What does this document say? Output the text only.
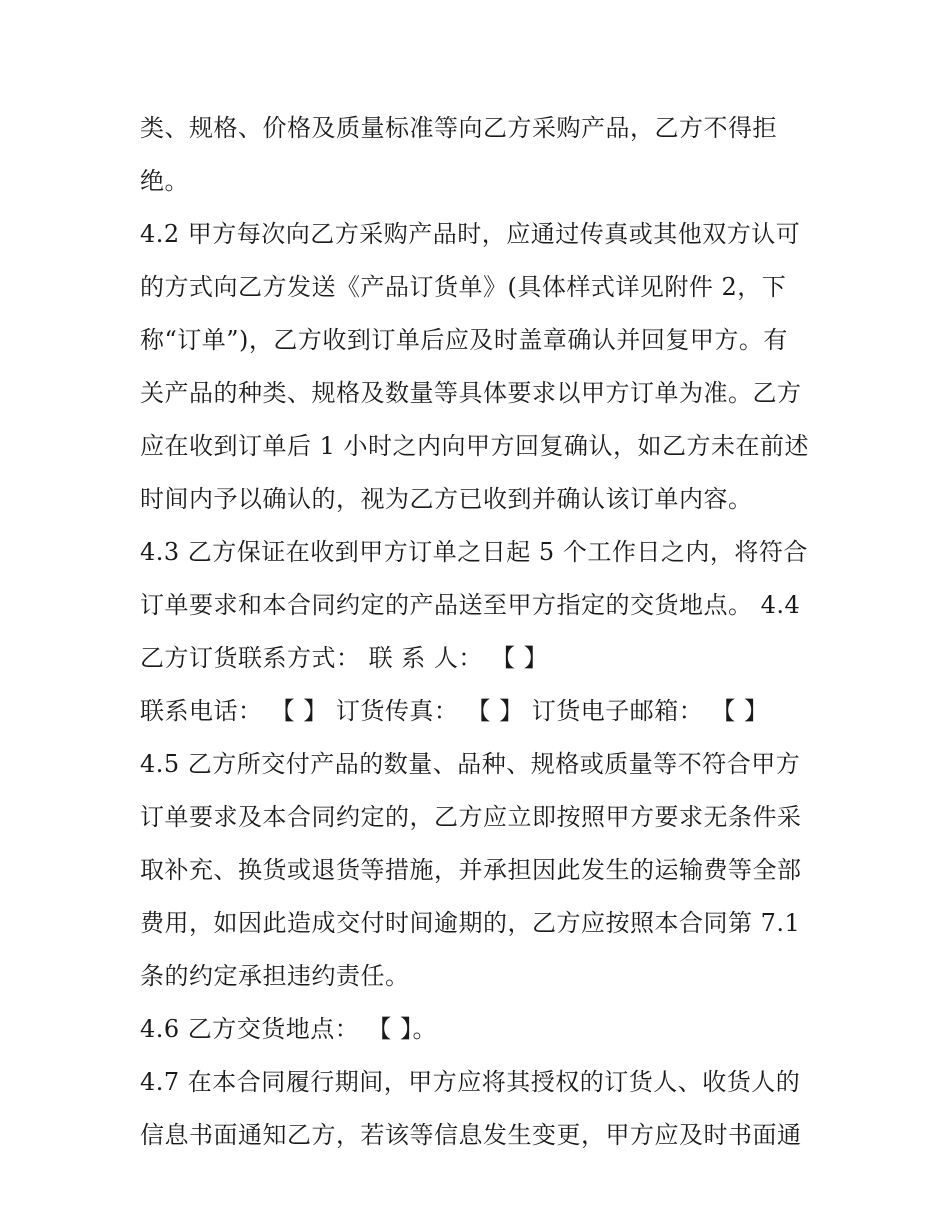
类、规格、价格及质量标准等向乙方采购产品，乙方不得拒
绝。
4.2 甲方每次向乙方采购产品时，应通过传真或其他双方认可
的方式向乙方发送《产品订货单》(具体样式详见附件 2，下
称“订单”)，乙方收到订单后应及时盖章确认并回复甲方。有
关产品的种类、规格及数量等具体要求以甲方订单为准。乙方
应在收到订单后 1 小时之内向甲方回复确认，如乙方未在前述
时间内予以确认的，视为乙方已收到并确认该订单内容。
4.3 乙方保证在收到甲方订单之日起 5 个工作日之内，将符合
订单要求和本合同约定的产品送至甲方指定的交货地点。 4.4
乙方订货联系方式： 联 系 人： 【 】
联系电话： 【 】 订货传真： 【 】 订货电子邮箱： 【 】
4.5 乙方所交付产品的数量、品种、规格或质量等不符合甲方
订单要求及本合同约定的，乙方应立即按照甲方要求无条件采
取补充、换货或退货等措施，并承担因此发生的运输费等全部
费用，如因此造成交付时间逾期的，乙方应按照本合同第 7.1
条的约定承担违约责任。
4.6 乙方交货地点： 【 】。
4.7 在本合同履行期间，甲方应将其授权的订货人、收货人的
信息书面通知乙方，若该等信息发生变更，甲方应及时书面通
